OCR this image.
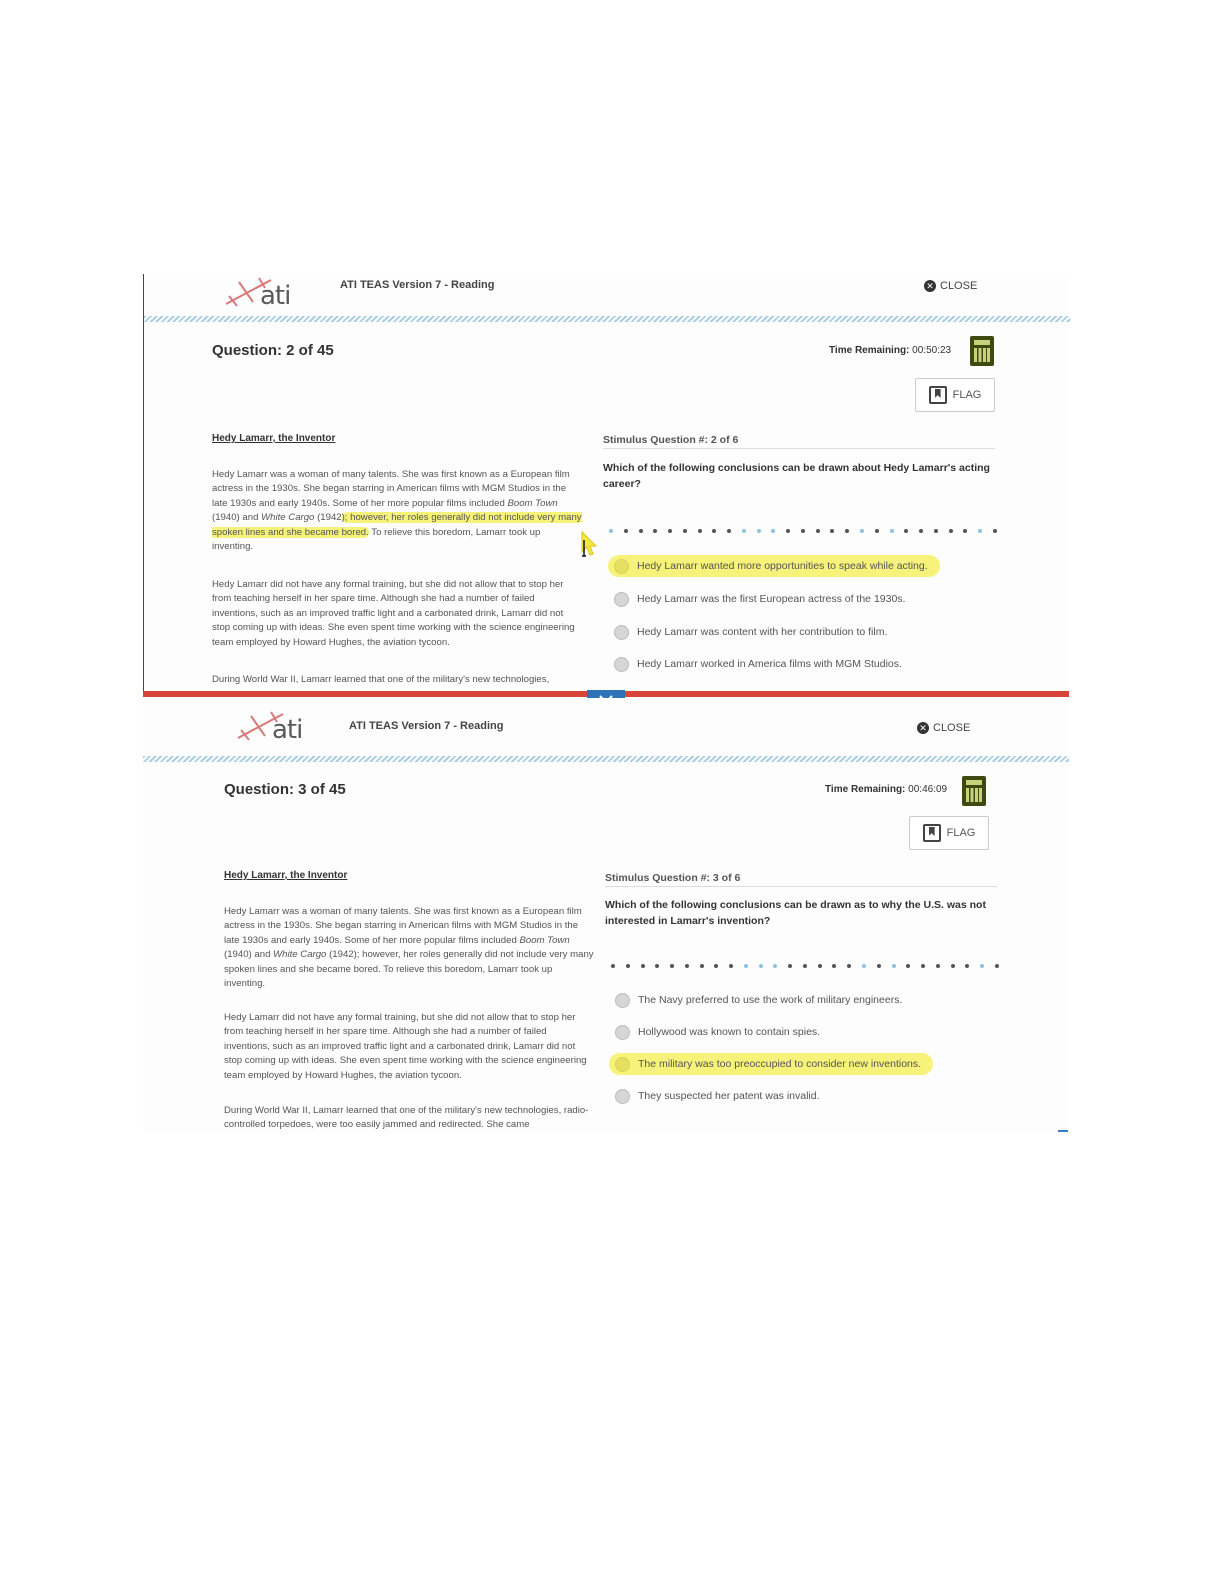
ati	ATI TEAS Version 7 - Reading	✕ CLOSE
Question: 2 of 45	Time Remaining: 00:50:23
FLAG
Hedy Lamarr, the Inventor

Hedy Lamarr was a woman of many talents. She was first known as a European film actress in the 1930s. She began starring in American films with MGM Studios in the late 1930s and early 1940s. Some of her more popular films included Boom Town (1940) and White Cargo (1942); however, her roles generally did not include very many spoken lines and she became bored. To relieve this boredom, Lamarr took up inventing.

Hedy Lamarr did not have any formal training, but she did not allow that to stop her from teaching herself in her spare time. Although she had a number of failed inventions, such as an improved traffic light and a carbonated drink, Lamarr did not stop coming up with ideas. She even spent time working with the science engineering team employed by Howard Hughes, the aviation tycoon.

During World War II, Lamarr learned that one of the military's new technologies,

Stimulus Question #: 2 of 6
Which of the following conclusions can be drawn about Hedy Lamarr's acting career?
Hedy Lamarr wanted more opportunities to speak while acting.
Hedy Lamarr was the first European actress of the 1930s.
Hedy Lamarr was content with her contribution to film.
Hedy Lamarr worked in America films with MGM Studios.
ati	ATI TEAS Version 7 - Reading	✕ CLOSE
Question: 3 of 45	Time Remaining: 00:46:09
FLAG
Hedy Lamarr, the Inventor

Hedy Lamarr was a woman of many talents. She was first known as a European film actress in the 1930s. She began starring in American films with MGM Studios in the late 1930s and early 1940s. Some of her more popular films included Boom Town (1940) and White Cargo (1942); however, her roles generally did not include very many spoken lines and she became bored. To relieve this boredom, Lamarr took up inventing.

Hedy Lamarr did not have any formal training, but she did not allow that to stop her from teaching herself in her spare time. Although she had a number of failed inventions, such as an improved traffic light and a carbonated drink, Lamarr did not stop coming up with ideas. She even spent time working with the science engineering team employed by Howard Hughes, the aviation tycoon.

During World War II, Lamarr learned that one of the military's new technologies, radio-controlled torpedoes, were too easily jammed and redirected. She came

Stimulus Question #: 3 of 6
Which of the following conclusions can be drawn as to why the U.S. was not interested in Lamarr's invention?
The Navy preferred to use the work of military engineers.
Hollywood was known to contain spies.
The military was too preoccupied to consider new inventions.
They suspected her patent was invalid.
